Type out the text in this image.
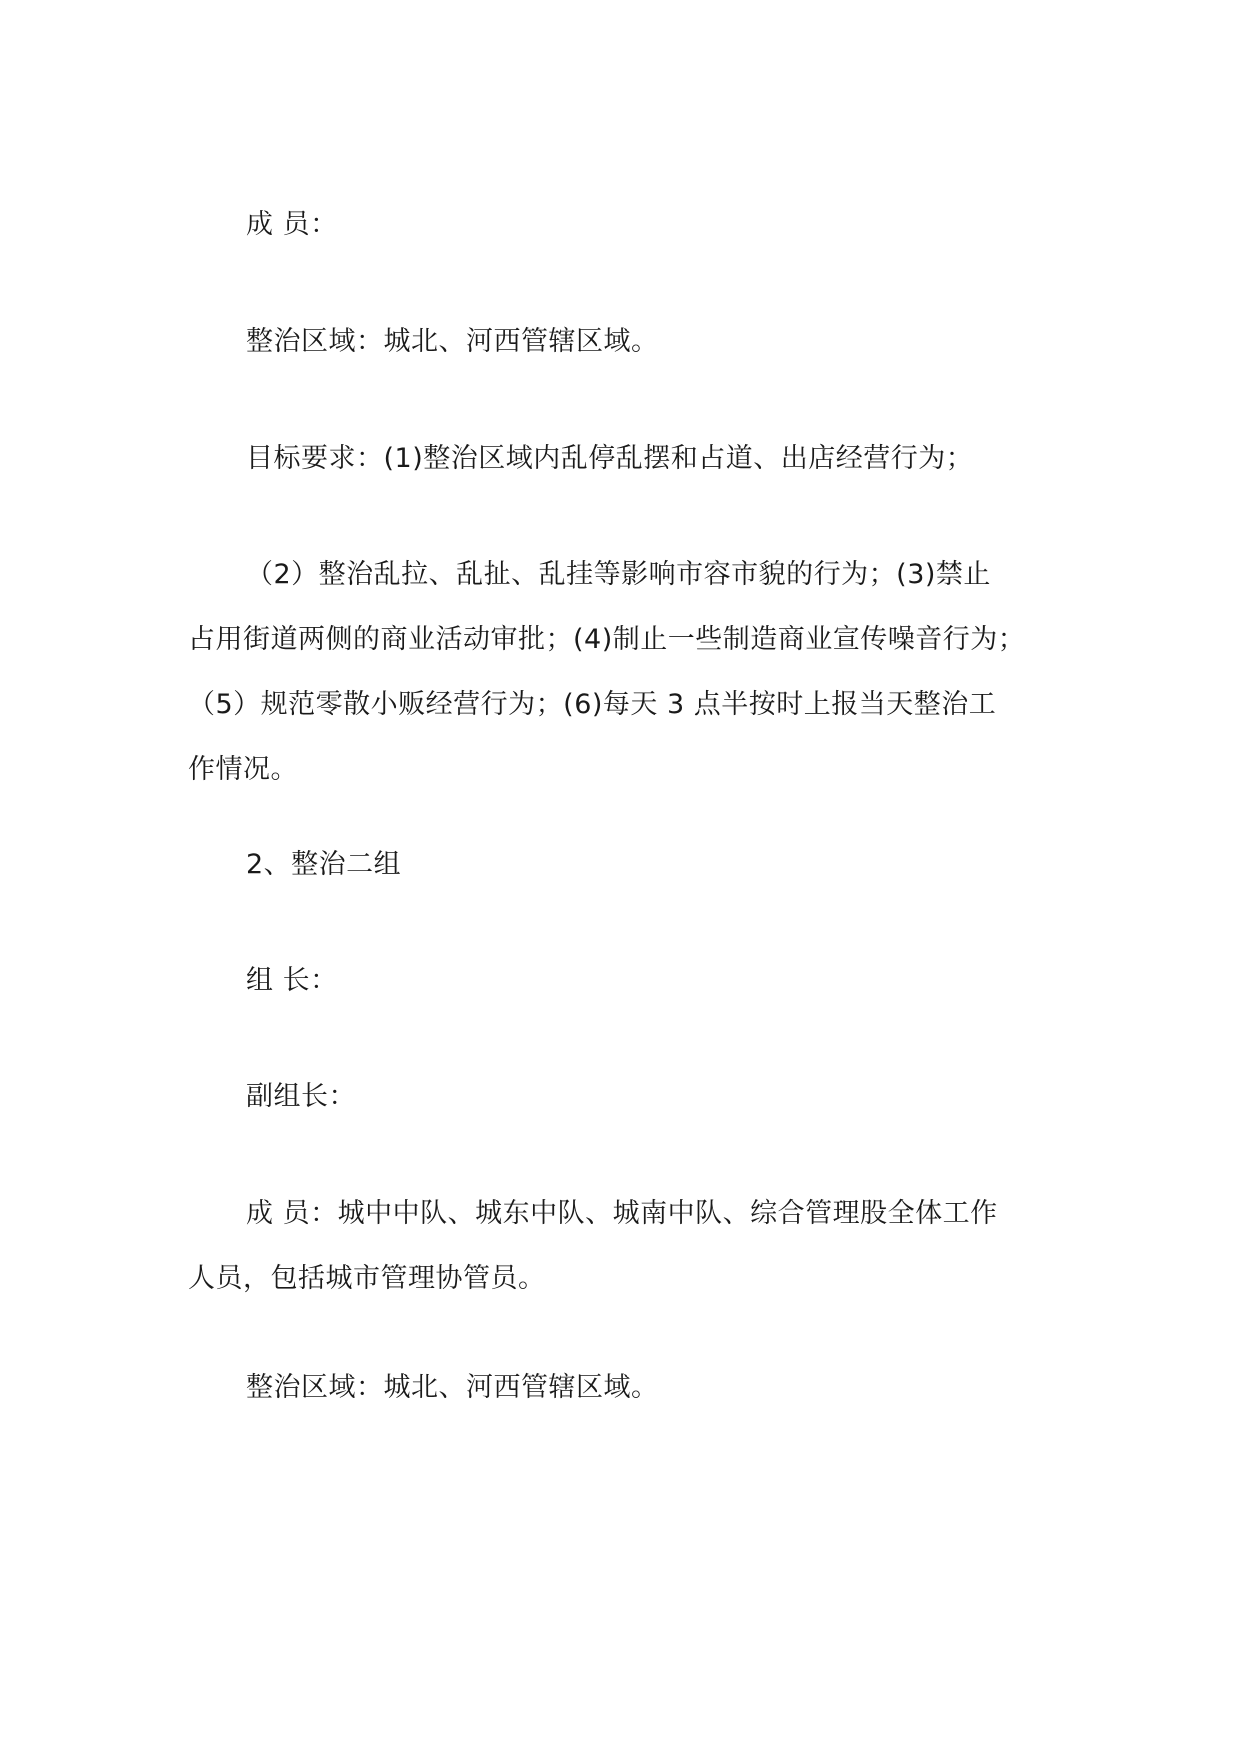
成 员：

整治区域：城北、河西管辖区域。

目标要求：(1)整治区域内乱停乱摆和占道、出店经营行为；

（2）整治乱拉、乱扯、乱挂等影响市容市貌的行为；(3)禁止
占用街道两侧的商业活动审批；(4)制止一些制造商业宣传噪音行为；
（5）规范零散小贩经营行为；(6)每天 3 点半按时上报当天整治工
作情况。

2、整治二组

组 长：

副组长：

成 员：城中中队、城东中队、城南中队、综合管理股全体工作
人员，包括城市管理协管员。

整治区域：城北、河西管辖区域。
